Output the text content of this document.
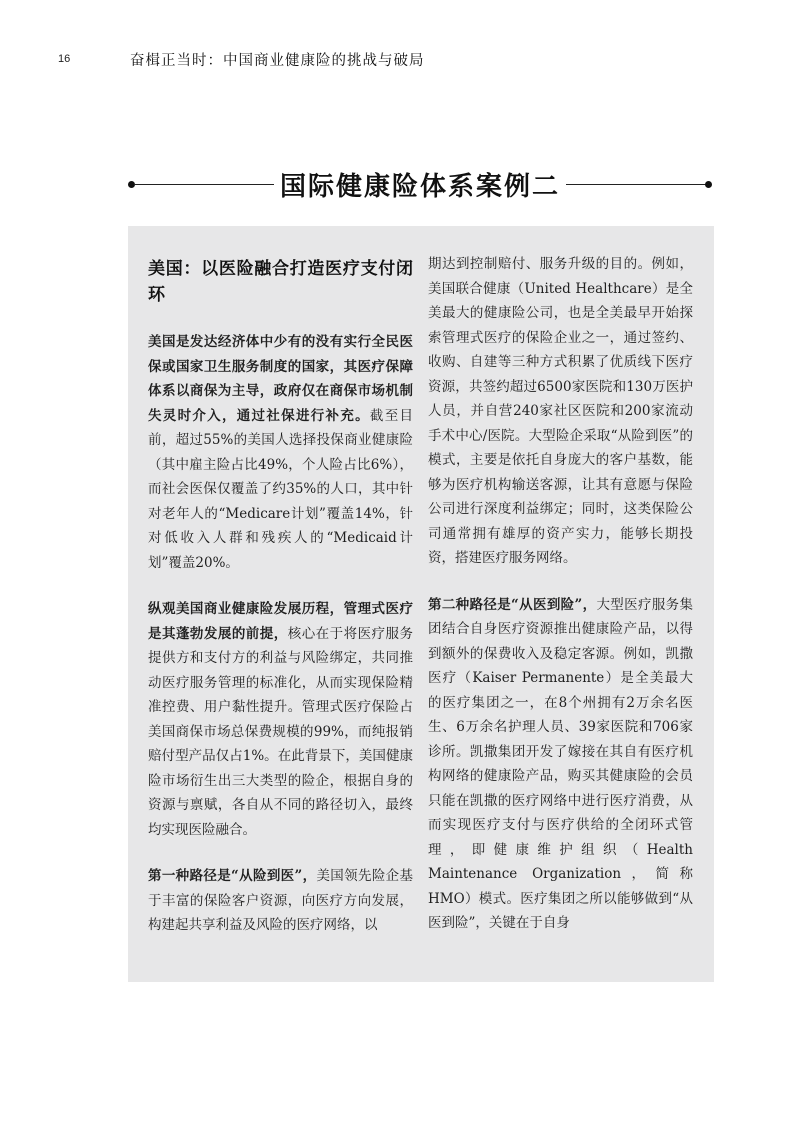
16	奋楫正当时：中国商业健康险的挑战与破局
国际健康险体系案例二
美国：以医险融合打造医疗支付闭环

美国是发达经济体中少有的没有实行全民医保或国家卫生服务制度的国家，其医疗保障体系以商保为主导，政府仅在商保市场机制失灵时介入，通过社保进行补充。截至目前，超过55%的美国人选择投保商业健康险（其中雇主险占比49%，个人险占比6%），而社会医保仅覆盖了约35%的人口，其中针对老年人的“Medicare计划”覆盖14%，针对低收入人群和残疾人的“Medicaid计划”覆盖20%。

纵观美国商业健康险发展历程，管理式医疗是其蓬勃发展的前提，核心在于将医疗服务提供方和支付方的利益与风险绑定，共同推动医疗服务管理的标准化，从而实现保险精准控费、用户黏性提升。管理式医疗保险占美国商保市场总保费规模的99%，而纯报销赔付型产品仅占1%。在此背景下，美国健康险市场衍生出三大类型的险企，根据自身的资源与禀赋，各自从不同的路径切入，最终均实现医险融合。

第一种路径是“从险到医”，美国领先险企基于丰富的保险客户资源，向医疗方向发展，构建起共享利益及风险的医疗网络，以

期达到控制赔付、服务升级的目的。例如，美国联合健康（United Healthcare）是全美最大的健康险公司，也是全美最早开始探索管理式医疗的保险企业之一，通过签约、收购、自建等三种方式积累了优质线下医疗资源，共签约超过6500家医院和130万医护人员，并自营240家社区医院和200家流动手术中心/医院。大型险企采取“从险到医”的模式，主要是依托自身庞大的客户基数，能够为医疗机构输送客源，让其有意愿与保险公司进行深度利益绑定；同时，这类保险公司通常拥有雄厚的资产实力，能够长期投资，搭建医疗服务网络。

第二种路径是“从医到险”，大型医疗服务集团结合自身医疗资源推出健康险产品，以得到额外的保费收入及稳定客源。例如，凯撒医疗（Kaiser Permanente）是全美最大的医疗集团之一，在8个州拥有2万余名医生、6万余名护理人员、39家医院和706家诊所。凯撒集团开发了嫁接在其自有医疗机构网络的健康险产品，购买其健康险的会员只能在凯撒的医疗网络中进行医疗消费，从而实现医疗支付与医疗供给的全闭环式管理，即健康维护组织（Health Maintenance Organization，简称HMO）模式。医疗集团之所以能够做到“从医到险”，关键在于自身
